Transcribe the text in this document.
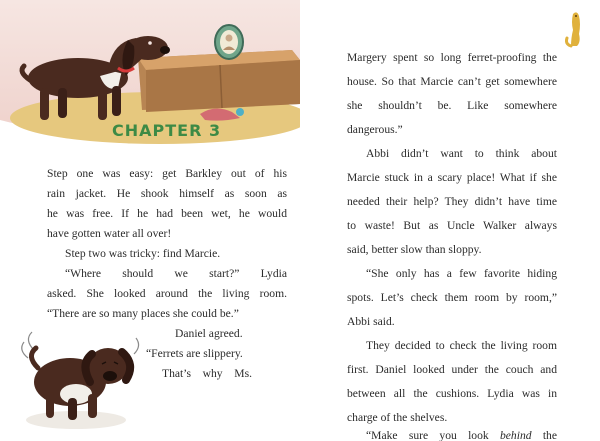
CHAPTER 3
Step one was easy: get Barkley out of his
rain jacket. He shook himself as soon as
he was free. If he had been wet, he would
have gotten water all over!
Step two was tricky: find Marcie.
“Where should we start?” Lydia
asked. She looked around the living room.
“There are so many places she could be.”
Daniel agreed.
“Ferrets are slippery.
That’s why Ms.
Margery spent so long ferret-proofing the
house. So that Marcie can’t get somewhere
she shouldn’t be. Like somewhere
dangerous.”
Abbi didn’t want to think about
Marcie stuck in a scary place! What if she
needed their help? They didn’t have time
to waste! But as Uncle Walker always
said, better slow than sloppy.
“She only has a few favorite hiding
spots. Let’s check them room by room,”
Abbi said.
They decided to check the living room
first. Daniel looked under the couch and
between all the cushions. Lydia was in
charge of the shelves.
“Make sure you look behind the
